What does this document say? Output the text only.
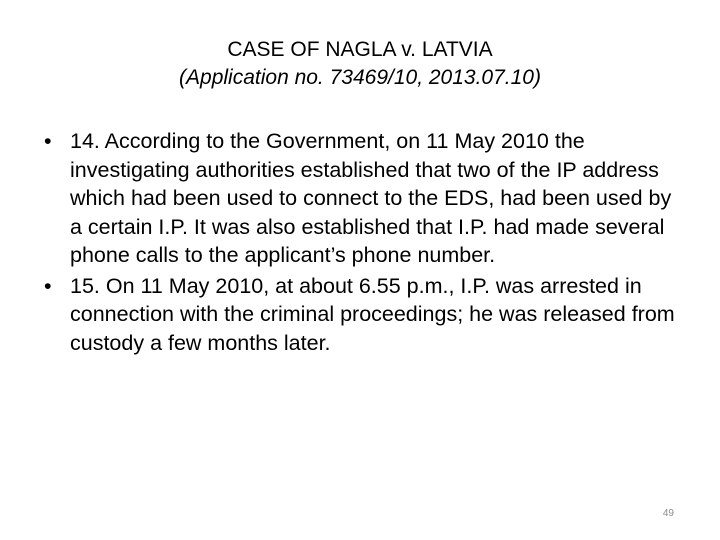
CASE OF NAGLA v. LATVIA
(Application no. 73469/10, 2013.07.10)
• 14. According to the Government, on 11 May 2010 the investigating authorities established that two of the IP address which had been used to connect to the EDS, had been used by a certain I.P. It was also established that I.P. had made several phone calls to the applicant’s phone number.
• 15. On 11 May 2010, at about 6.55 p.m., I.P. was arrested in connection with the criminal proceedings; he was released from custody a few months later.
49
